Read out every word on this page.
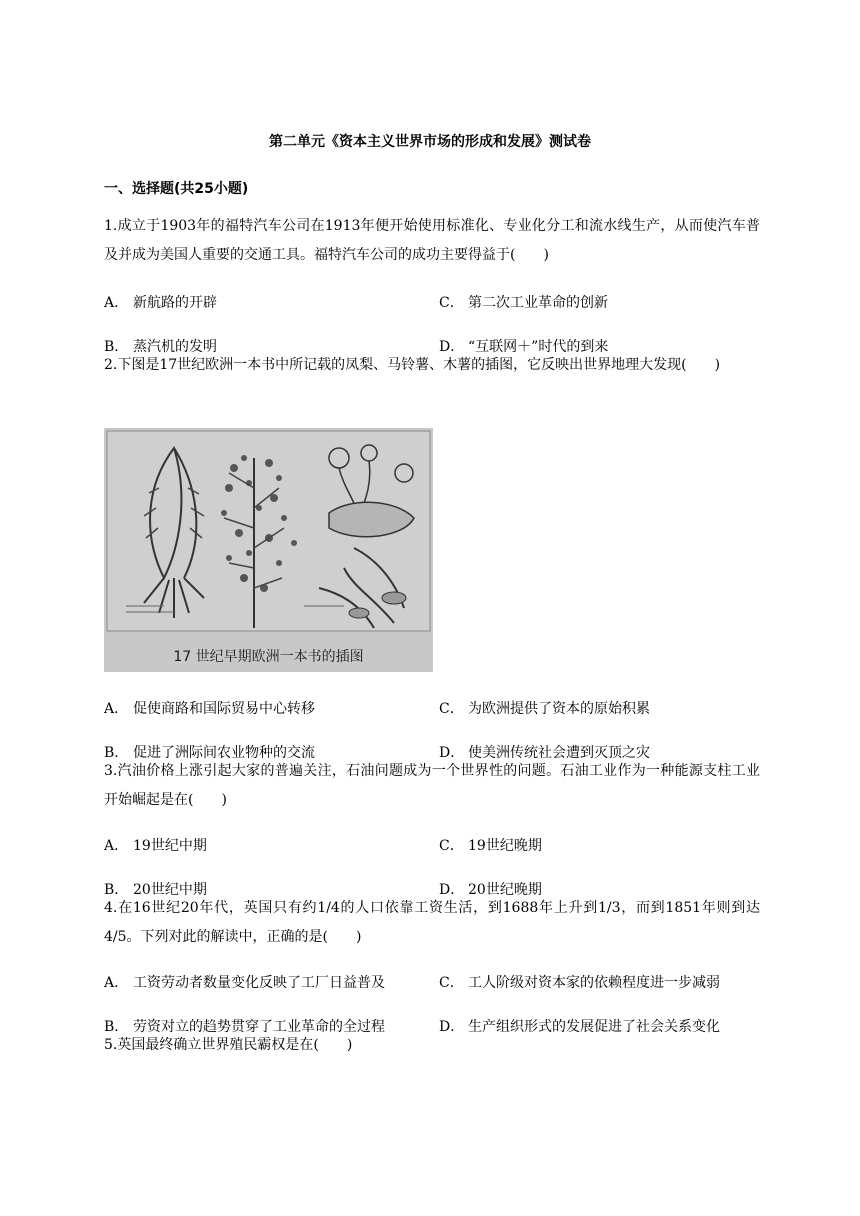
第二单元《资本主义世界市场的形成和发展》测试卷
一、选择题(共25小题)
1.成立于1903年的福特汽车公司在1913年便开始使用标准化、专业化分工和流水线生产，从而使汽车普及并成为美国人重要的交通工具。福特汽车公司的成功主要得益于(　　)
A． 新航路的开辟	C． 第二次工业革命的创新
B． 蒸汽机的发明	D． “互联网＋”时代的到来
2.下图是17世纪欧洲一本书中所记载的凤梨、马铃薯、木薯的插图，它反映出世界地理大发现(　　)
17 世纪早期欧洲一本书的插图
A． 促使商路和国际贸易中心转移	C． 为欧洲提供了资本的原始积累
B． 促进了洲际间农业物种的交流	D． 使美洲传统社会遭到灭顶之灾
3.汽油价格上涨引起大家的普遍关注，石油问题成为一个世界性的问题。石油工业作为一种能源支柱工业开始崛起是在(　　)
A． 19世纪中期	C． 19世纪晚期
B． 20世纪中期	D． 20世纪晚期
4.在16世纪20年代，英国只有约1/4的人口依靠工资生活，到1688年上升到1/3，而到1851年则到达4/5。下列对此的解读中，正确的是(　　)
A． 工资劳动者数量变化反映了工厂日益普及	C． 工人阶级对资本家的依赖程度进一步减弱
B． 劳资对立的趋势贯穿了工业革命的全过程	D． 生产组织形式的发展促进了社会关系变化
5.英国最终确立世界殖民霸权是在(　　)
